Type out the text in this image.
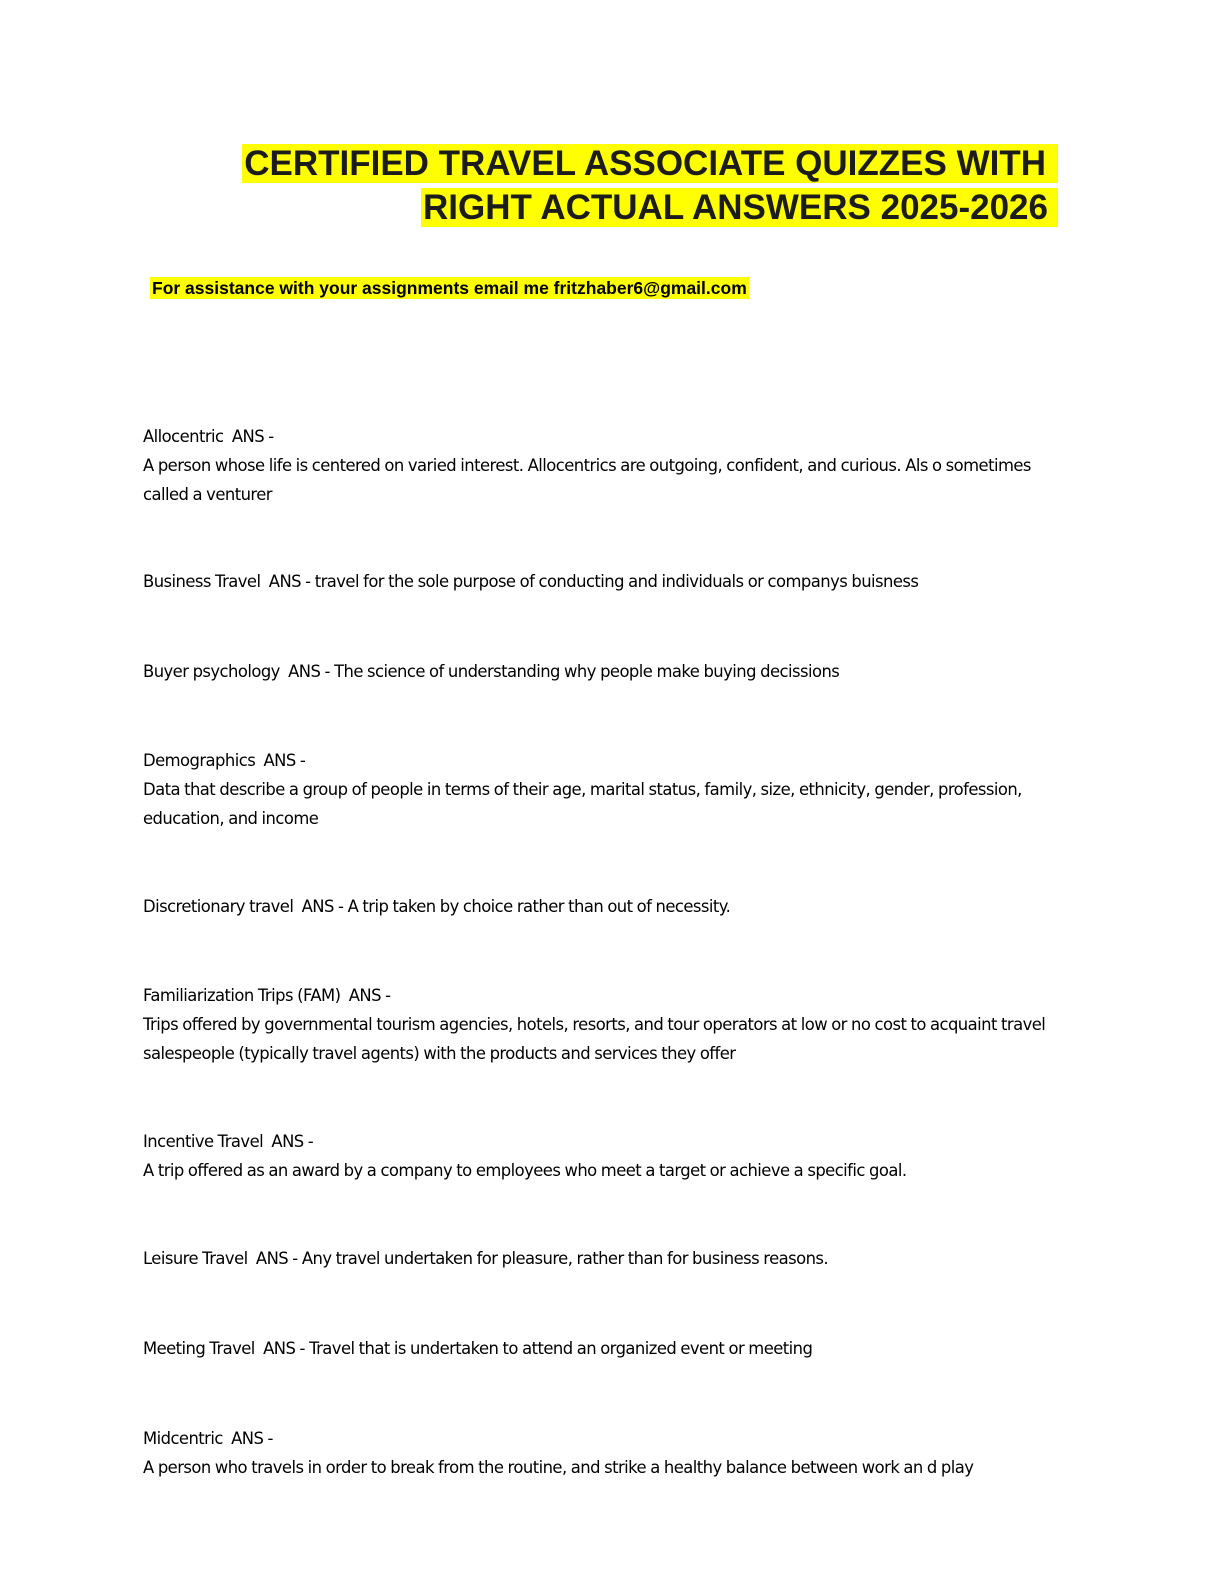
CERTIFIED TRAVEL ASSOCIATE QUIZZES WITH
RIGHT ACTUAL ANSWERS 2025-2026
For assistance with your assignments email me fritzhaber6@gmail.com
Allocentric  ANS -
A person whose life is centered on varied interest. Allocentrics are outgoing, confident, and curious. Als o sometimes called a venturer
Business Travel  ANS - travel for the sole purpose of conducting and individuals or companys buisness
Buyer psychology  ANS - The science of understanding why people make buying decissions
Demographics  ANS -
Data that describe a group of people in terms of their age, marital status, family, size, ethnicity, gender, profession, education, and income
Discretionary travel  ANS - A trip taken by choice rather than out of necessity.
Familiarization Trips (FAM)  ANS -
Trips offered by governmental tourism agencies, hotels, resorts, and tour operators at low or no cost to acquaint travel salespeople (typically travel agents) with the products and services they offer
Incentive Travel  ANS -
A trip offered as an award by a company to employees who meet a target or achieve a specific goal.
Leisure Travel  ANS - Any travel undertaken for pleasure, rather than for business reasons.
Meeting Travel  ANS - Travel that is undertaken to attend an organized event or meeting
Midcentric  ANS -
A person who travels in order to break from the routine, and strike a healthy balance between work an d play
